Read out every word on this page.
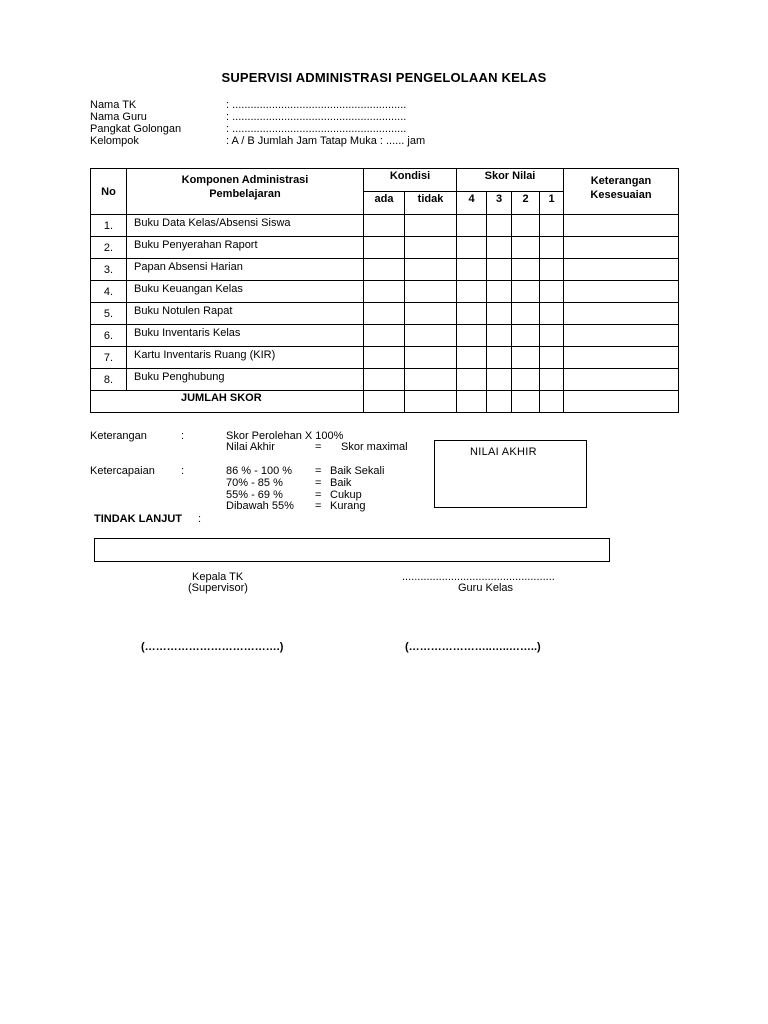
SUPERVISI ADMINISTRASI PENGELOLAAN KELAS
Nama TK	: .........................................................
Nama Guru	: .........................................................
Pangkat Golongan	: .........................................................
Kelompok	: A / B Jumlah Jam Tatap Muka : ...... jam
No	Komponen Administrasi Pembelajaran	Kondisi		Skor Nilai				Keterangan Kesesuaian
		ada	tidak	4	3	2	1	
1.	Buku Data Kelas/Absensi Siswa							
2.	Buku Penyerahan Raport							
3.	Papan Absensi Harian							
4.	Buku Keuangan Kelas							
5.	Buku Notulen Rapat							
6.	Buku Inventaris Kelas							
7.	Kartu Inventaris Ruang (KIR)							
8.	Buku Penghubung							
JUMLAH SKOR								
Keterangan	:	Skor Perolehan X 100%
Nilai Akhir	= Skor maximal	NILAI AKHIR
Ketercapaian :	86 % - 100 % = Baik Sekali
70% - 85 %	= Baik
55% - 69 %	= Cukup
Dibawah 55% = Kurang
TINDAK LANJUT :
Kepala TK
(Supervisor)
..................................................
Guru Kelas
(……………………………….)	(…………………..…..……..)
